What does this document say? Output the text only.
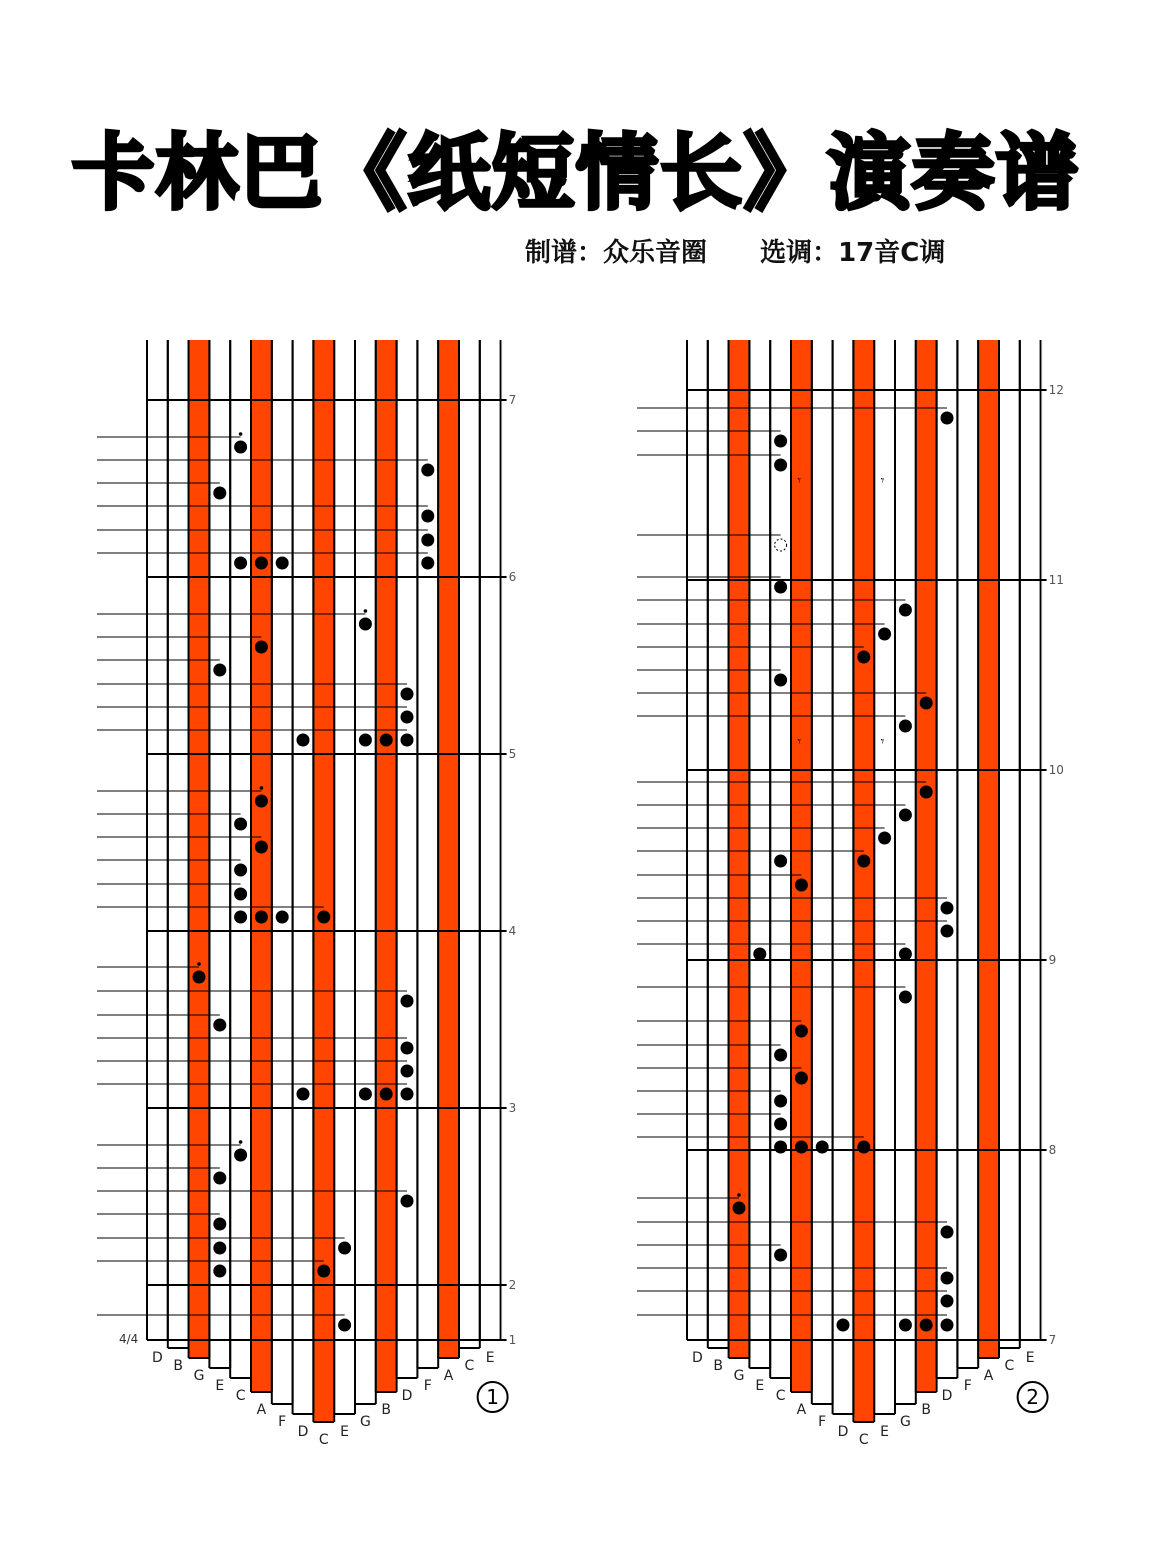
卡林巴《纸短情长》演奏谱
制谱：众乐音圈 选调：17音C调
D B
G
E
C
A
F
D C E
G
B
D
F
A
C E
1
2
3
4
5
6
7
4/4
1
D B
G
E
C
A
F
D C E
G
B
D
F
A
C E
7
8
9
10
11
12
𝄾	𝄾
𝄾	𝄾
2
